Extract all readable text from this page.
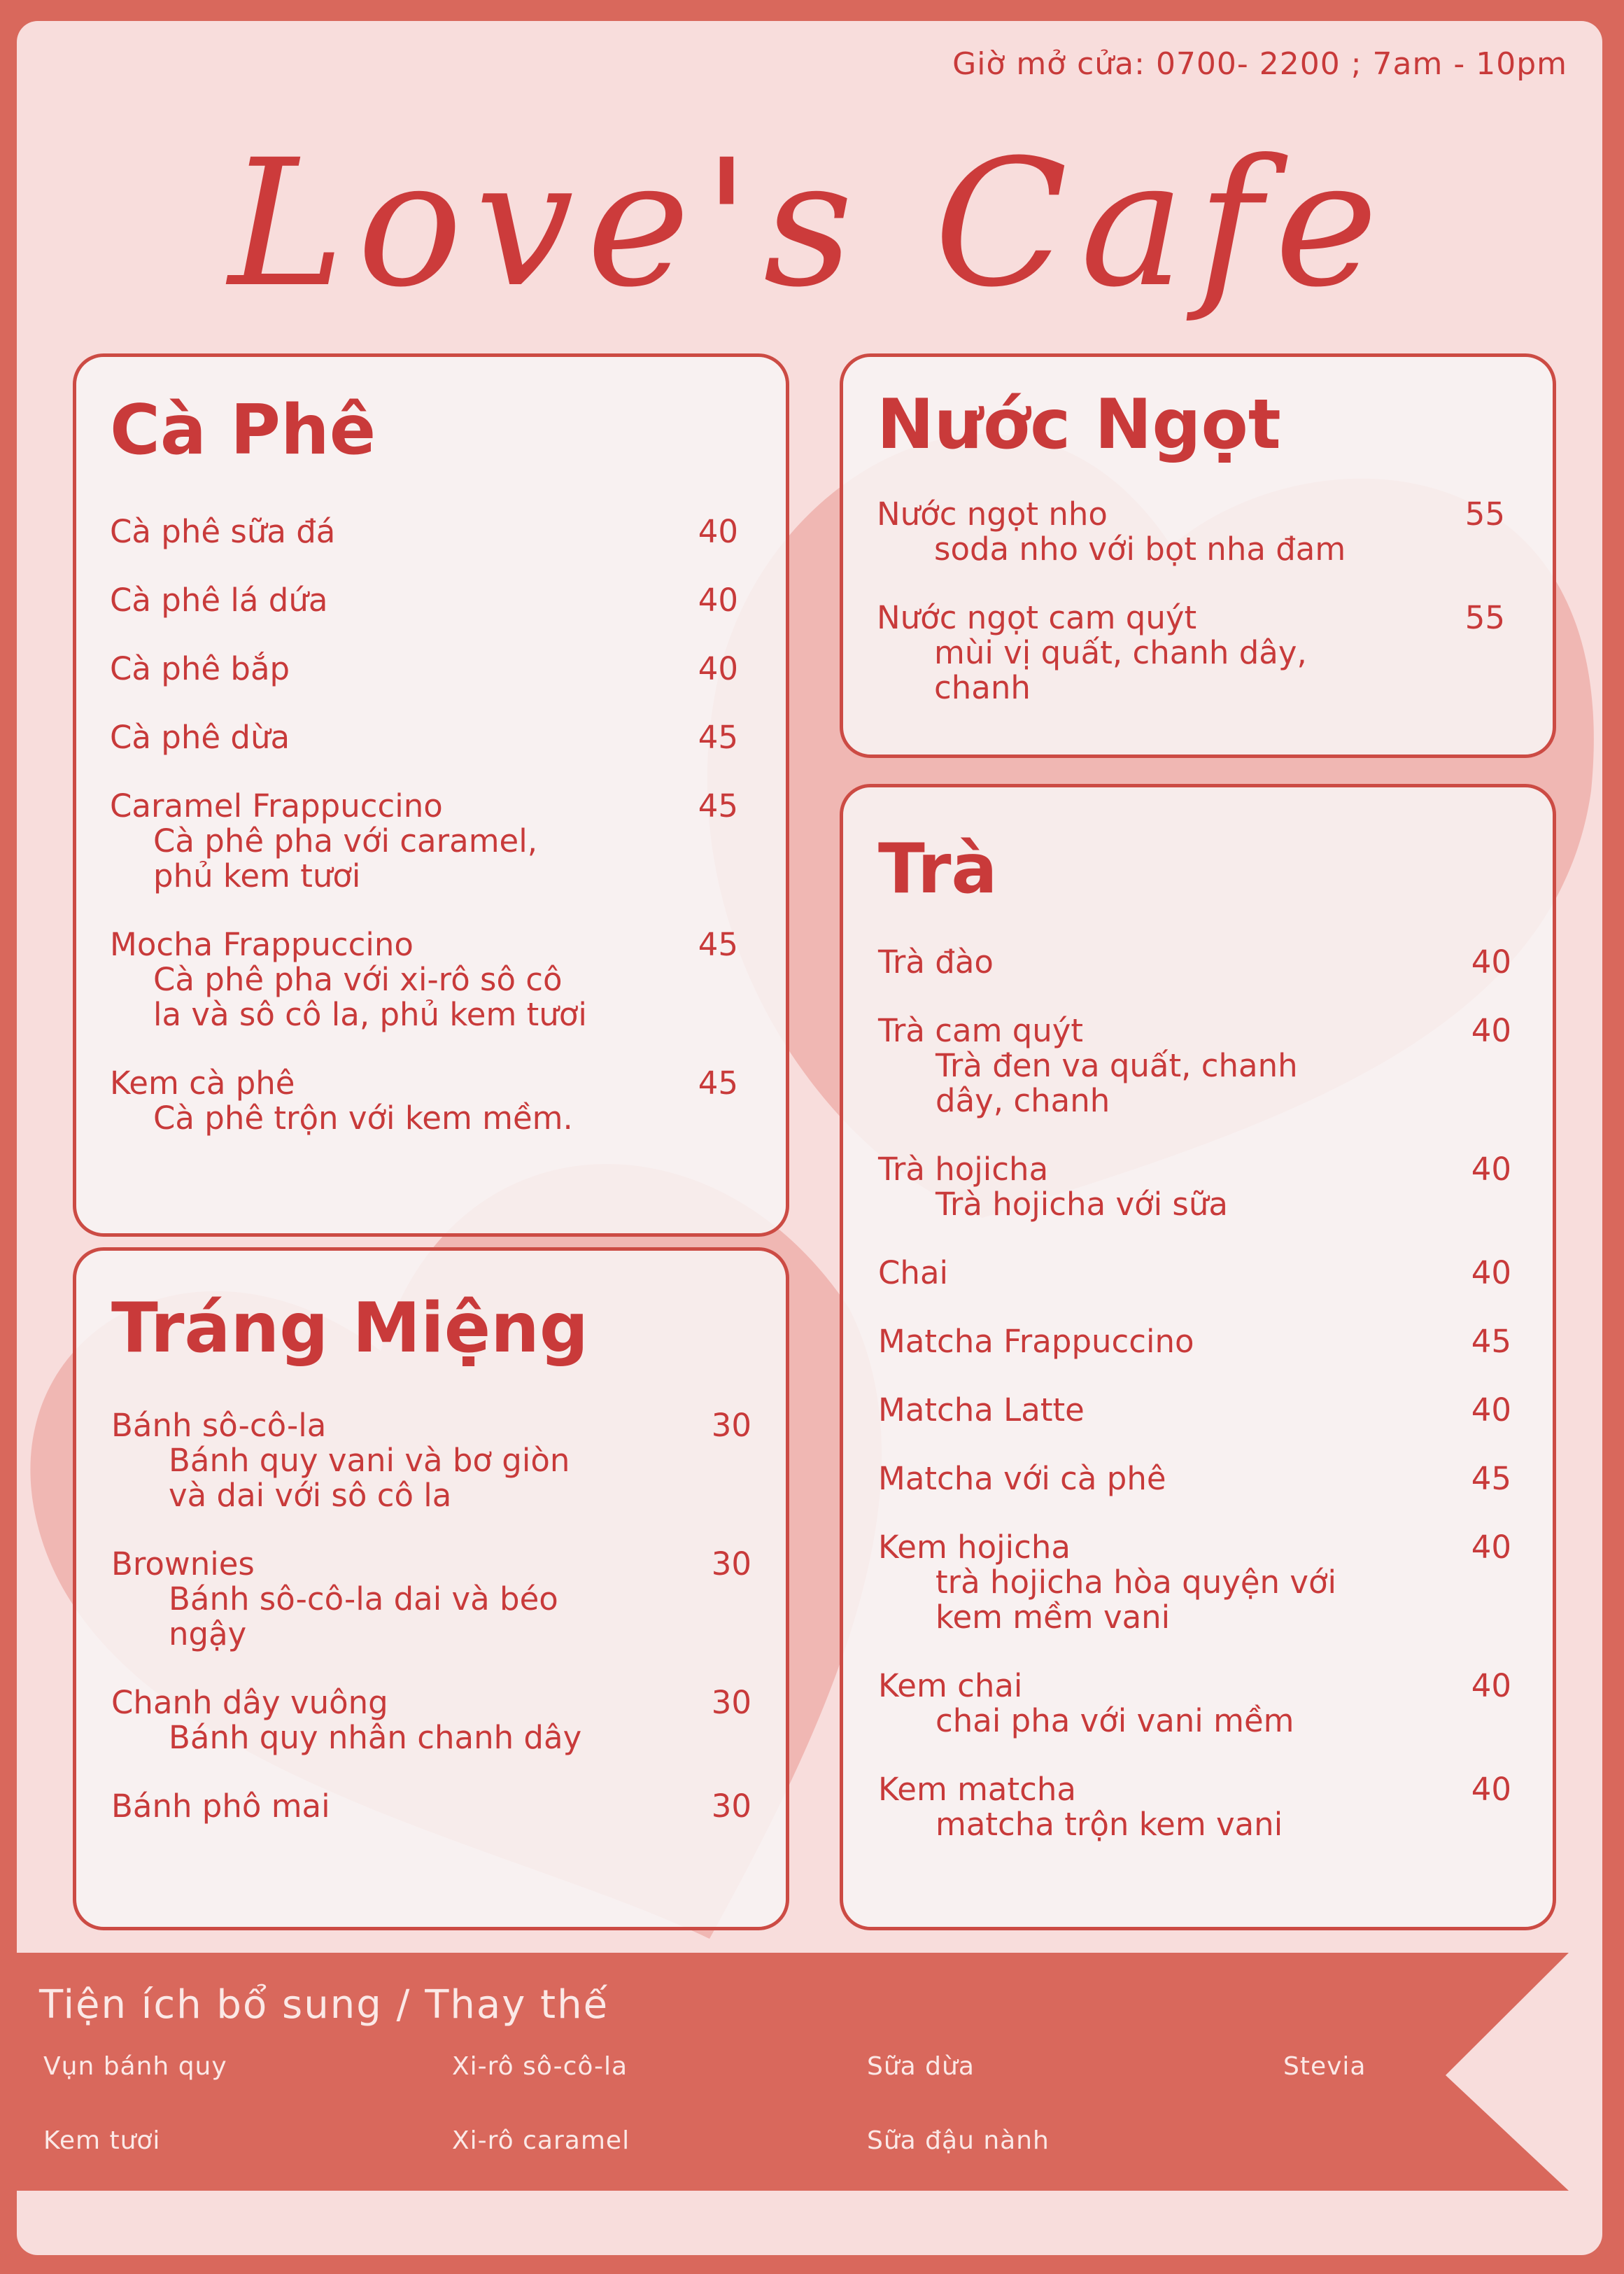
Giờ mở cửa: 0700- 2200 ; 7am - 10pm
Love's Cafe
Cà Phê
Cà phê sữa đá	40
Cà phê lá dứa	40
Cà phê bắp	40
Cà phê dừa	45
Caramel Frappuccino	45
Cà phê pha với caramel,
phủ kem tươi
Mocha Frappuccino	45
Cà phê pha với xi-rô sô cô
la và sô cô la, phủ kem tươi
Kem cà phê	45
Cà phê trộn với kem mềm.
Tráng Miệng
Bánh sô-cô-la	30
Bánh quy vani và bơ giòn
và dai với sô cô la
Brownies	30
Bánh sô-cô-la dai và béo
ngậy
Chanh dây vuông	30
Bánh quy nhân chanh dây
Bánh phô mai	30
Nước Ngọt
Nước ngọt nho	55
soda nho với bọt nha đam
Nước ngọt cam quýt	55
mùi vị quất, chanh dây,
chanh
Trà
Trà đào	40
Trà cam quýt	40
Trà đen va quất, chanh
dây, chanh
Trà hojicha	40
Trà hojicha với sữa
Chai	40
Matcha Frappuccino	45
Matcha Latte	40
Matcha với cà phê	45
Kem hojicha	40
trà hojicha hòa quyện với
kem mềm vani
Kem chai	40
chai pha với vani mềm
Kem matcha	40
matcha trộn kem vani
Tiện ích bổ sung / Thay thế
Vụn bánh quy	Xi-rô sô-cô-la	Sữa dừa	Stevia
Kem tươi	Xi-rô caramel	Sữa đậu nành
